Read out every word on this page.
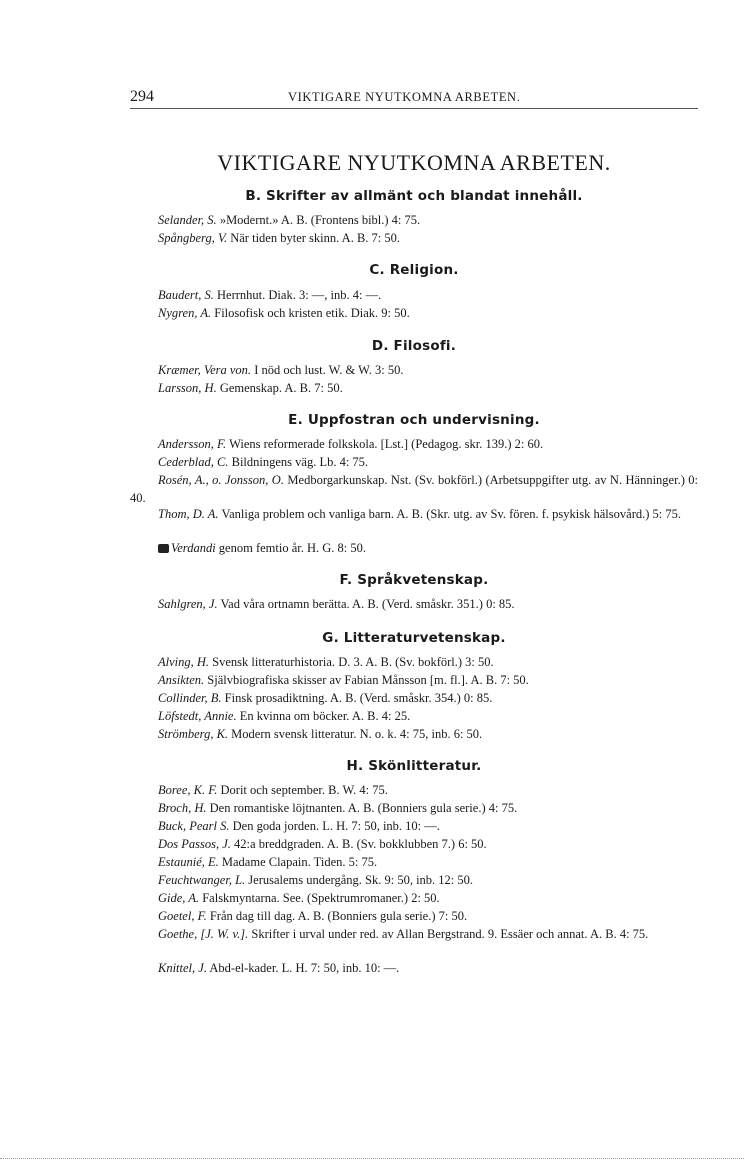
294	VIKTIGARE NYUTKOMNA ARBETEN.
VIKTIGARE NYUTKOMNA ARBETEN.
B. Skrifter av allmänt och blandat innehåll.
Selander, S. »Modernt.» A. B. (Frontens bibl.) 4: 75.
Spångberg, V. När tiden byter skinn. A. B. 7: 50.
C. Religion.
Baudert, S. Herrnhut. Diak. 3: —, inb. 4: —.
Nygren, A. Filosofisk och kristen etik. Diak. 9: 50.
D. Filosofi.
Kræmer, Vera von. I nöd och lust. W. & W. 3: 50.
Larsson, H. Gemenskap. A. B. 7: 50.
E. Uppfostran och undervisning.
Andersson, F. Wiens reformerade folkskola. [Lst.] (Pedagog. skr. 139.) 2: 60.
Cederblad, C. Bildningens väg. Lb. 4: 75.
Rosén, A., o. Jonsson, O. Medborgarkunskap. Nst. (Sv. bokförl.) (Arbetsuppgifter utg. av N. Hänninger.) 0: 40.
Thom, D. A. Vanliga problem och vanliga barn. A. B. (Skr. utg. av Sv. fören. f. psykisk hälsovård.) 5: 75.
Verdandi genom femtio år. H. G. 8: 50.
F. Språkvetenskap.
Sahlgren, J. Vad våra ortnamn berätta. A. B. (Verd. småskr. 351.) 0: 85.
G. Litteraturvetenskap.
Alving, H. Svensk litteraturhistoria. D. 3. A. B. (Sv. bokförl.) 3: 50.
Ansikten. Självbiografiska skisser av Fabian Månsson [m. fl.]. A. B. 7: 50.
Collinder, B. Finsk prosadiktning. A. B. (Verd. småskr. 354.) 0: 85.
Löfstedt, Annie. En kvinna om böcker. A. B. 4: 25.
Strömberg, K. Modern svensk litteratur. N. o. k. 4: 75, inb. 6: 50.
H. Skönlitteratur.
Boree, K. F. Dorit och september. B. W. 4: 75.
Broch, H. Den romantiske löjtnanten. A. B. (Bonniers gula serie.) 4: 75.
Buck, Pearl S. Den goda jorden. L. H. 7: 50, inb. 10: —.
Dos Passos, J. 42:a breddgraden. A. B. (Sv. bokklubben 7.) 6: 50.
Estaunié, E. Madame Clapain. Tiden. 5: 75.
Feuchtwanger, L. Jerusalems undergång. Sk. 9: 50, inb. 12: 50.
Gide, A. Falskmyntarna. See. (Spektrumromaner.) 2: 50.
Goetel, F. Från dag till dag. A. B. (Bonniers gula serie.) 7: 50.
Goethe, [J. W. v.]. Skrifter i urval under red. av Allan Bergstrand. 9. Essäer och annat. A. B. 4: 75.
Knittel, J. Abd-el-kader. L. H. 7: 50, inb. 10: —.
